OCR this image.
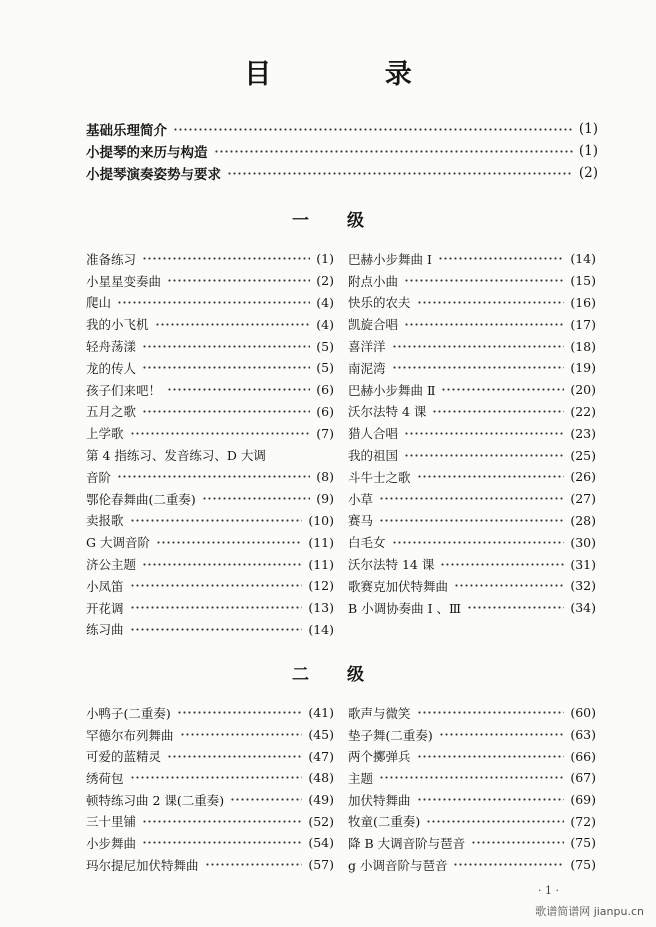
目 录
基础乐理简介	(1)
小提琴的来历与构造	(1)
小提琴演奏姿势与要求	(2)
一 级
准备练习	(1)
小星星变奏曲	(2)
爬山	(4)
我的小飞机	(4)
轻舟荡漾	(5)
龙的传人	(5)
孩子们来吧！	(6)
五月之歌	(6)
上学歌	(7)
第 4 指练习、发音练习、D 大调
音阶	(8)
鄂伦春舞曲(二重奏)	(9)
卖报歌	(10)
G 大调音阶	(11)
济公主题	(11)
小凤笛	(12)
开花调	(13)
练习曲	(14)
巴赫小步舞曲 I	(14)
附点小曲	(15)
快乐的农夫	(16)
凯旋合唱	(17)
喜洋洋	(18)
南泥湾	(19)
巴赫小步舞曲 Ⅱ	(20)
沃尔法特 4 课	(22)
猎人合唱	(23)
我的祖国	(25)
斗牛士之歌	(26)
小草	(27)
赛马	(28)
白毛女	(30)
沃尔法特 14 课	(31)
歌赛克加伏特舞曲	(32)
B 小调协奏曲 I 、Ⅲ	(34)
二 级
小鸭子(二重奏)	(41)
罕德尔布列舞曲	(45)
可爱的蓝精灵	(47)
绣荷包	(48)
顿特练习曲 2 课(二重奏)	(49)
三十里铺	(52)
小步舞曲	(54)
玛尔提尼加伏特舞曲	(57)
歌声与微笑	(60)
垫子舞(二重奏)	(63)
两个擲弹兵	(66)
主题	(67)
加伏特舞曲	(69)
牧童(二重奏)	(72)
降 B 大调音阶与琶音	(75)
g 小调音阶与琶音	(75)
· 1 ·
歌谱简谱网 jianpu.cn
